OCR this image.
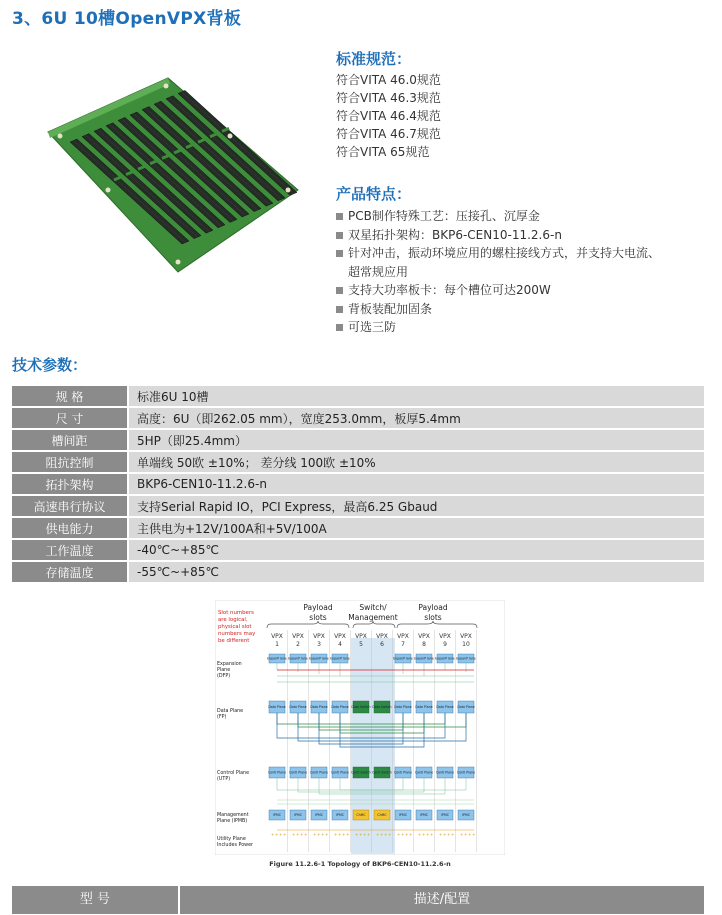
3、6U 10槽OpenVPX背板
标准规范：
符合VITA 46.0规范
符合VITA 46.3规范
符合VITA 46.4规范
符合VITA 46.7规范
符合VITA 65规范
产品特点：
PCB制作特殊工艺：压接孔、沉厚金
双星拓扑架构：BKP6-CEN10-11.2.6-n
针对冲击，振动环境应用的螺柱接线方式，并支持大电流、
超常规应用
支持大功率板卡：每个槽位可达200W
背板装配加固条
可选三防
技术参数：
规 格	标准6U 10槽
尺 寸	高度：6U（即262.05 mm），宽度253.0mm，板厚5.4mm
槽间距	5HP（即25.4mm）
阻抗控制	单端线 50欧 ±10%； 差分线 100欧 ±10%
拓扑架构	BKP6-CEN10-11.2.6-n
高速串行协议	支持Serial Rapid IO，PCI Express，最高6.25 Gbaud
供电能力	主供电为+12V/100A和+5V/100A
工作温度	-40℃~+85℃
存储温度	-55℃~+85℃
Slot numbers
are logical,
physical slot
numbers may
be different
Payload
slots
Switch/
Management
Payload
slots
VPX
1
ExpanP lane
Data Plane
Contl Plane
IPMC
+ + + +
VPX
2
ExpanP lane
Data Plane
Contl Plane
IPMC
+ + + +
VPX
3
ExpanP lane
Data Plane
Contl Plane
IPMC
+ + + +
VPX
4
ExpanP lane
Data Plane
Contl Plane
IPMC
+ + + +
VPX
5
Data Switch
Contl Switch
ChMC
+ + + +
VPX
6
Data Switch
Contl Switch
ChMC
+ + + +
VPX
7
ExpanP lane
Data Plane
Contl Plane
IPMC
+ + + +
VPX
8
ExpanP lane
Data Plane
Contl Plane
IPMC
+ + + +
VPX
9
ExpanP lane
Data Plane
Contl Plane
IPMC
+ + + +
VPX
10
ExpanP lane
Data Plane
Contl Plane
IPMC
+ + + +
Expansion
Plane
(DFP)
Data Plane
(FP)
Control Plane
(UTP)
Management
Plane (IPMB)
Utility Plane
Includes Power
Figure 11.2.6-1 Topology of BKP6-CEN10-11.2.6-n
型 号	描述/配置
